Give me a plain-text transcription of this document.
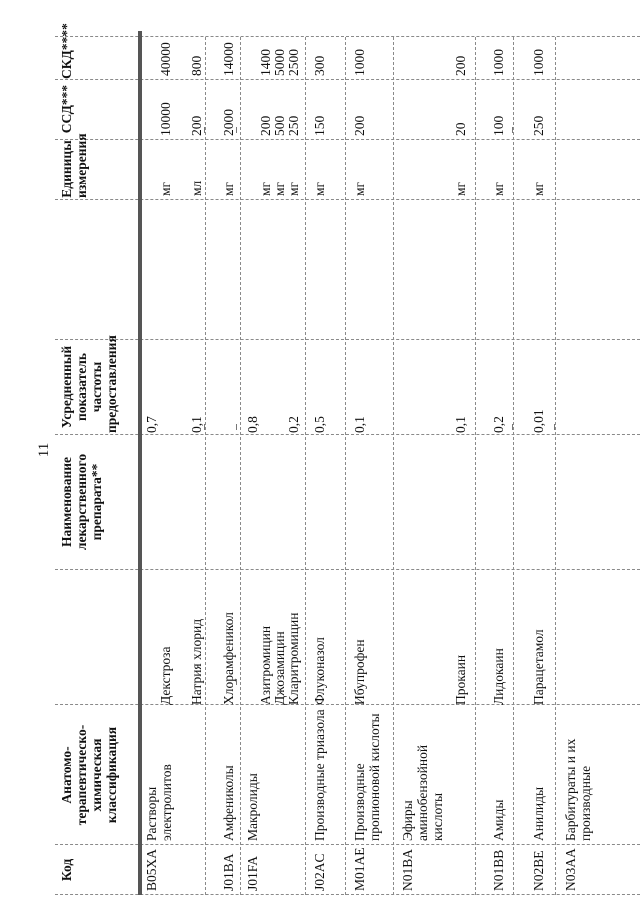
11
Код
Анатомо-терапевтическо-химическая классификация
Наименование лекарственного препарата**
Усредненный показатель частоты предоставления
Единицы измерения
ССД***
СКД****
B05XA
Растворы электролитов
Декстроза Натрия хлорид
0,7 0,1
мг мл
10000 200
40000 800
J01BA
Амфениколы
Хлорамфеникол
мг
2000
14000
J01FA
Макролиды
Азитромицин Джозамицин Кларитромицин
0,8 0,2
мг мг мг
200 500 250
1400 5000 2500
J02AC
Производные триазола
Флуконазол
0,5
мг
150
300
M01AE
Производные пропионовой кислоты
Ибупрофен
0,1
мг
200
1000
N01BA
Эфиры аминобензойной кислоты
Прокаин
0,1
мг
20
200
N01BB
Амиды
Лидокаин
0,2
мг
100
1000
N02BE
Анилиды
Парацетамол
0,01
мг
250
1000
N03AA
Барбитураты и их производные
